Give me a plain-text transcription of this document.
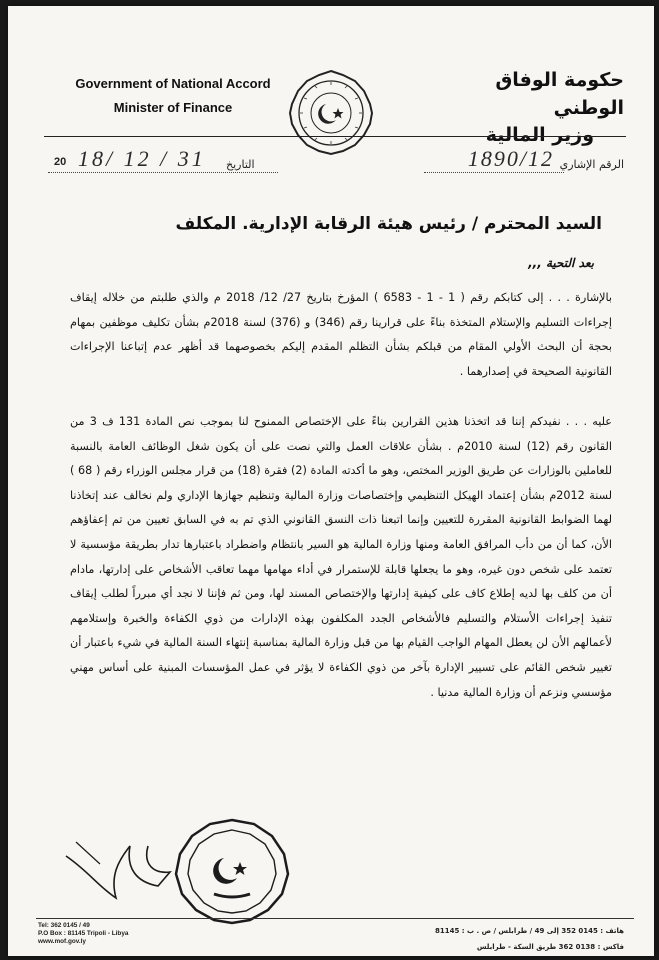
Government of National Accord
Minister of Finance
حكومة الوفاق الوطني
وزير المالية
20 18/ 12 / 31 التاريخ	الرقم الإشاري
1890/12
السيد المحترم / رئيس هيئة الرقابة الإدارية. المكلف
بعد التحية ,,,
بالإشارة . . . إلى كتابكم رقم ( 1 - 1 - 6583 ) المؤرخ بتاريخ 27/ 12/ 2018 م والذي طلبتم من خلاله إيقاف إجراءات التسليم والإستلام المتخذة بناءً على قرارينا رقم (346) و (376) لسنة 2018م بشأن تكليف موظفين بمهام بحجة أن البحث الأولي المقام من قبلكم بشأن التظلم المقدم إليكم بخصوصهما قد أظهر عدم إتباعنا الإجراءات القانونية الصحيحة في إصدارهما .
عليه . . . نفيدكم إننا قد اتخذنا هذين القرارين بناءً على الإختصاص الممنوح لنا بموجب نص المادة 131 ف 3 من القانون رقم (12) لسنة 2010م . بشأن علاقات العمل والتي نصت على أن يكون شغل الوظائف العامة بالنسبة للعاملين بالوزارات عن طريق الوزير المختص، وهو ما أكدته المادة (2) فقرة (18) من قرار مجلس الوزراء رقم ( 68 ) لسنة 2012م بشأن إعتماد الهيكل التنظيمي وإختصاصات وزارة المالية وتنظيم جهازها الإداري ولم نخالف عند إتخاذنا لهما الضوابط القانونية المقررة للتعيين وإنما اتبعنا ذات النسق القانوني الذي تم به في السابق تعيين من تم إعفاؤهم الأن، كما أن من دأب المرافق العامة ومنها وزارة المالية هو السير بانتظام واضطراد باعتبارها تدار بطريقة مؤسسية لا تعتمد على شخص دون غيره، وهو ما يجعلها قابلة للإستمرار في أداء مهامها مهما تعاقب الأشخاص على إدارتها، مادام أن من كلف بها لديه إطلاع كاف على كيفية إدارتها والإختصاص المسند لها، ومن ثم فإننا لا نجد أي مبرراً لطلب إيقاف تنفيذ إجراءات الأستلام والتسليم فالأشخاص الجدد المكلفون بهذه الإدارات من ذوي الكفاءة والخبرة وإستلامهم لأعمالهم الأن لن يعطل المهام الواجب القيام بها من قبل وزارة المالية بمناسبة إنتهاء السنة المالية في شيء باعتبار أن تغيير شخص القائم على تسيير الإدارة بآخر من ذوي الكفاءة لا يؤثر في عمل المؤسسات المبنية على أساس مهني مؤسسي ونزعم أن وزارة المالية مدنيا .
Tel: 362 0145 / 49
P.O Box : 81145 Tripoli - Libya
www.mof.gov.ly
هاتف : 0145 352 إلى 49 / طرابلس / ص . ب : 81145
فاكس : 0138 362 طريق السكة - طرابلس
